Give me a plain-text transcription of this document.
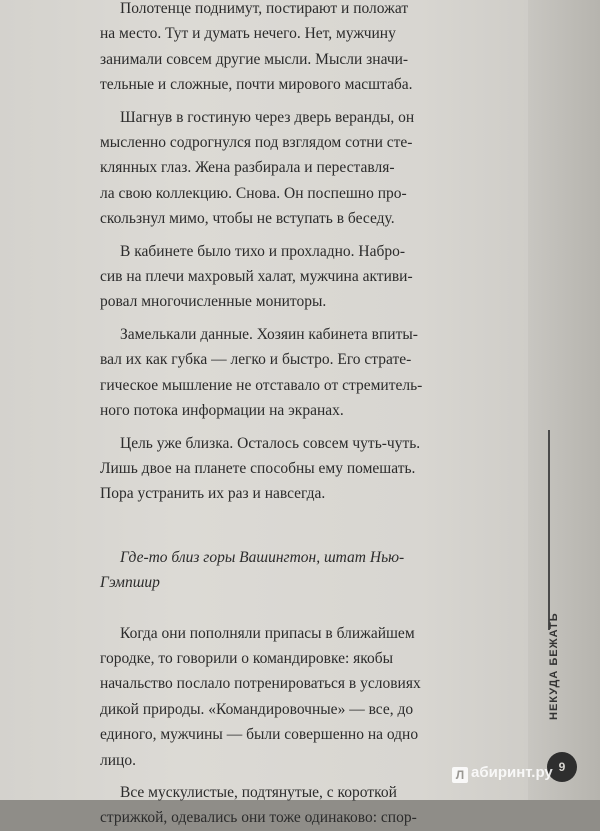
НЕКУДА БЕЖАТЬ
9

Полотенце поднимут, постирают и положат
на место. Тут и думать нечего. Нет, мужчину
занимали совсем другие мысли. Мысли значи-
тельные и сложные, почти мирового масштаба.

Шагнув в гостиную через дверь веранды, он
мысленно содрогнулся под взглядом сотни сте-
клянных глаз. Жена разбирала и переставля-
ла свою коллекцию. Снова. Он поспешно про-
скользнул мимо, чтобы не вступать в беседу.

В кабинете было тихо и прохладно. Набро-
сив на плечи махровый халат, мужчина активи-
ровал многочисленные мониторы.

Замелькали данные. Хозяин кабинета впиты-
вал их как губка — легко и быстро. Его страте-
гическое мышление не отставало от стремитель-
ного потока информации на экранах.

Цель уже близка. Осталось совсем чуть-чуть.
Лишь двое на планете способны ему помешать.
Пора устранить их раз и навсегда.

Где-то близ горы Вашингтон, штат Нью-
Гэмпшир

Когда они пополняли припасы в ближайшем
городке, то говорили о командировке: якобы
начальство послало потренироваться в условиях
дикой природы. «Командировочные» — все, до
единого, мужчины — были совершенно на одно
лицо.

Все мускулистые, подтянутые, с короткой
стрижкой, одевались они тоже одинаково: спор-

Л абиринт.ру
